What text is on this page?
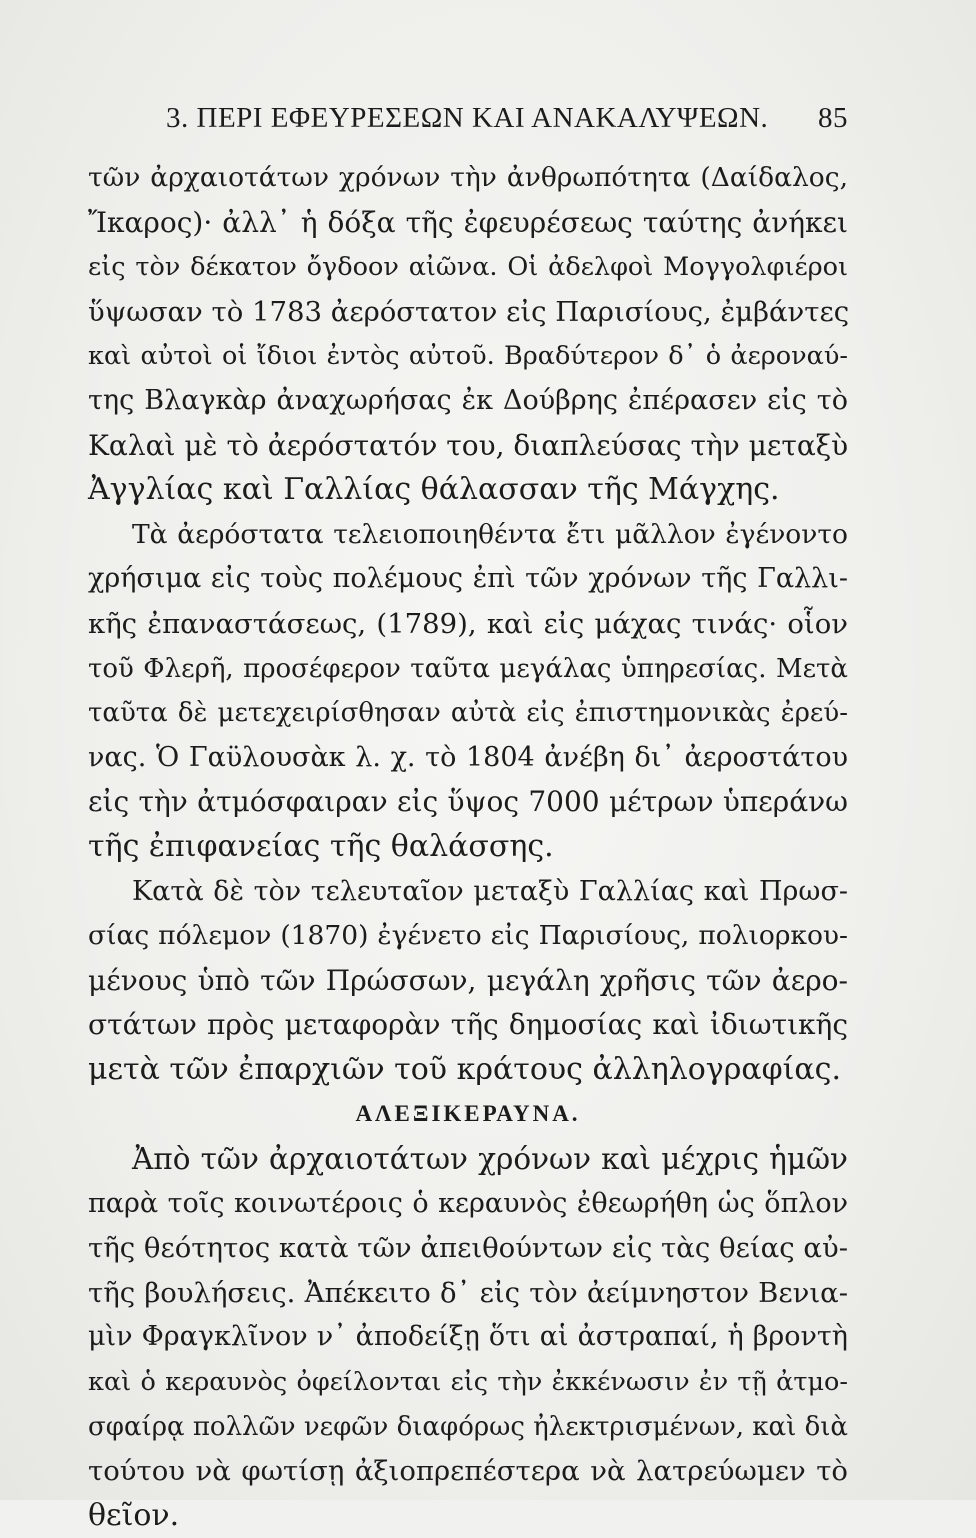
3. ΠΕΡΙ ΕΦΕΥΡΕΣΕΩΝ ΚΑΙ ΑΝΑΚΑΛΥΨΕΩΝ. 85
τῶν ἀρχαιοτάτων χρόνων τὴν ἀνθρωπότητα (Δαίδαλος,
Ἴκαρος)· ἀλλ᾽ ἡ δόξα τῆς ἐφευρέσεως ταύτης ἀνήκει
εἰς τὸν δέκατον ὄγδοον αἰῶνα. Οἱ ἀδελφοὶ Μογγολφιέροι
ὕψωσαν τὸ 1783 ἀερόστατον εἰς Παρισίους, ἐμβάντες
καὶ αὐτοὶ οἱ ἴδιοι ἐντὸς αὐτοῦ. Βραδύτερον δ᾽ ὁ ἀεροναύ-
της Βλαγκὰρ ἀναχωρήσας ἐκ Δούβρης ἐπέρασεν εἰς τὸ
Καλαὶ μὲ τὸ ἀερόστατόν του, διαπλεύσας τὴν μεταξὺ
Ἀγγλίας καὶ Γαλλίας θάλασσαν τῆς Μάγχης.
Τὰ ἀερόστατα τελειοποιηθέντα ἔτι μᾶλλον ἐγένοντο
χρήσιμα εἰς τοὺς πολέμους ἐπὶ τῶν χρόνων τῆς Γαλλι-
κῆς ἐπαναστάσεως, (1789), καὶ εἰς μάχας τινάς· οἷον
τοῦ Φλερῆ, προσέφερον ταῦτα μεγάλας ὑπηρεσίας. Μετὰ
ταῦτα δὲ μετεχειρίσθησαν αὐτὰ εἰς ἐπιστημονικὰς ἐρεύ-
νας. Ὁ Γαϋλουσὰκ λ. χ. τὸ 1804 ἀνέβη δι᾽ ἀεροστάτου
εἰς τὴν ἀτμόσφαιραν εἰς ὕψος 7000 μέτρων ὑπεράνω
τῆς ἐπιφανείας τῆς θαλάσσης.
Κατὰ δὲ τὸν τελευταῖον μεταξὺ Γαλλίας καὶ Πρωσ-
σίας πόλεμον (1870) ἐγένετο εἰς Παρισίους, πολιορκου-
μένους ὑπὸ τῶν Πρώσσων, μεγάλη χρῆσις τῶν ἀερο-
στάτων πρὸς μεταφορὰν τῆς δημοσίας καὶ ἰδιωτικῆς
μετὰ τῶν ἐπαρχιῶν τοῦ κράτους ἀλληλογραφίας.
ΑΛΕΞΙΚΕΡΑΥΝΑ.
Ἀπὸ τῶν ἀρχαιοτάτων χρόνων καὶ μέχρις ἡμῶν
παρὰ τοῖς κοινωτέροις ὁ κεραυνὸς ἐθεωρήθη ὡς ὅπλον
τῆς θεότητος κατὰ τῶν ἀπειθούντων εἰς τὰς θείας αὐ-
τῆς βουλήσεις. Ἀπέκειτο δ᾽ εἰς τὸν ἀείμνηστον Βενια-
μὶν Φραγκλῖνον ν᾽ ἀποδείξῃ ὅτι αἱ ἀστραπαί, ἡ βροντὴ
καὶ ὁ κεραυνὸς ὀφείλονται εἰς τὴν ἐκκένωσιν ἐν τῇ ἀτμο-
σφαίρᾳ πολλῶν νεφῶν διαφόρως ἠλεκτρισμένων, καὶ διὰ
τούτου νὰ φωτίσῃ ἀξιοπρεπέστερα νὰ λατρεύωμεν τὸ
θεῖον.
